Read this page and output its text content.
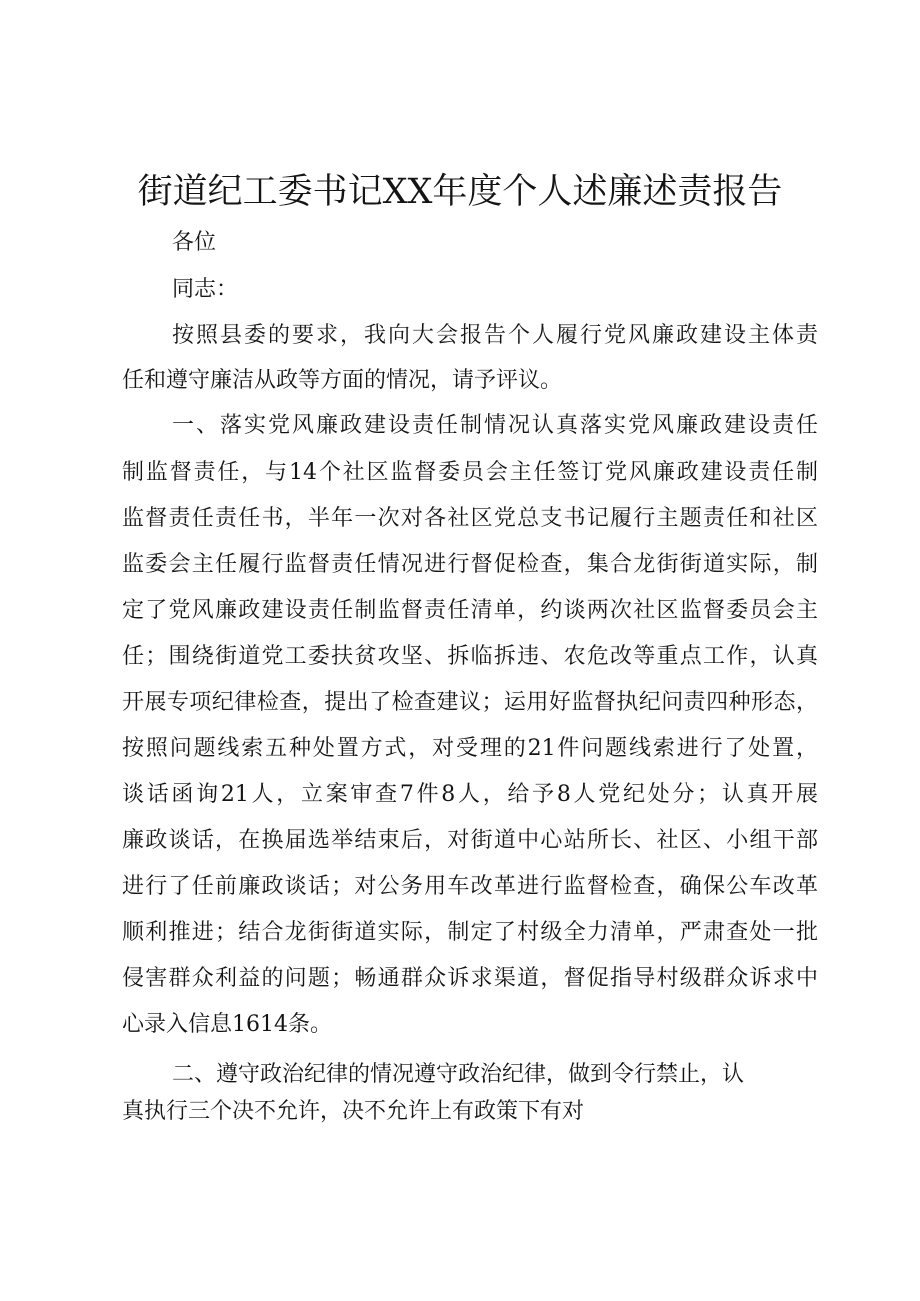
街道纪工委书记XX年度个人述廉述责报告

各位

同志：

按照县委的要求，我向大会报告个人履行党风廉政建设主体责

任和遵守廉洁从政等方面的情况，请予评议。

一、落实党风廉政建设责任制情况认真落实党风廉政建设责任

制监督责任，与14个社区监督委员会主任签订党风廉政建设责任制

监督责任责任书，半年一次对各社区党总支书记履行主题责任和社区

监委会主任履行监督责任情况进行督促检查，集合龙街街道实际，制

定了党风廉政建设责任制监督责任清单，约谈两次社区监督委员会主

任；围绕街道党工委扶贫攻坚、拆临拆违、农危改等重点工作，认真

开展专项纪律检查，提出了检查建议；运用好监督执纪问责四种形态，

按照问题线索五种处置方式，对受理的21件问题线索进行了处置，

谈话函询21人，立案审查7件8人，给予8人党纪处分；认真开展

廉政谈话，在换届选举结束后，对街道中心站所长、社区、小组干部

进行了任前廉政谈话；对公务用车改革进行监督检查，确保公车改革

顺利推进；结合龙街街道实际，制定了村级全力清单，严肃查处一批

侵害群众利益的问题；畅通群众诉求渠道，督促指导村级群众诉求中

心录入信息1614条。

二、遵守政治纪律的情况遵守政治纪律，做到令行禁止，认

真执行三个决不允许，决不允许上有政策下有对
